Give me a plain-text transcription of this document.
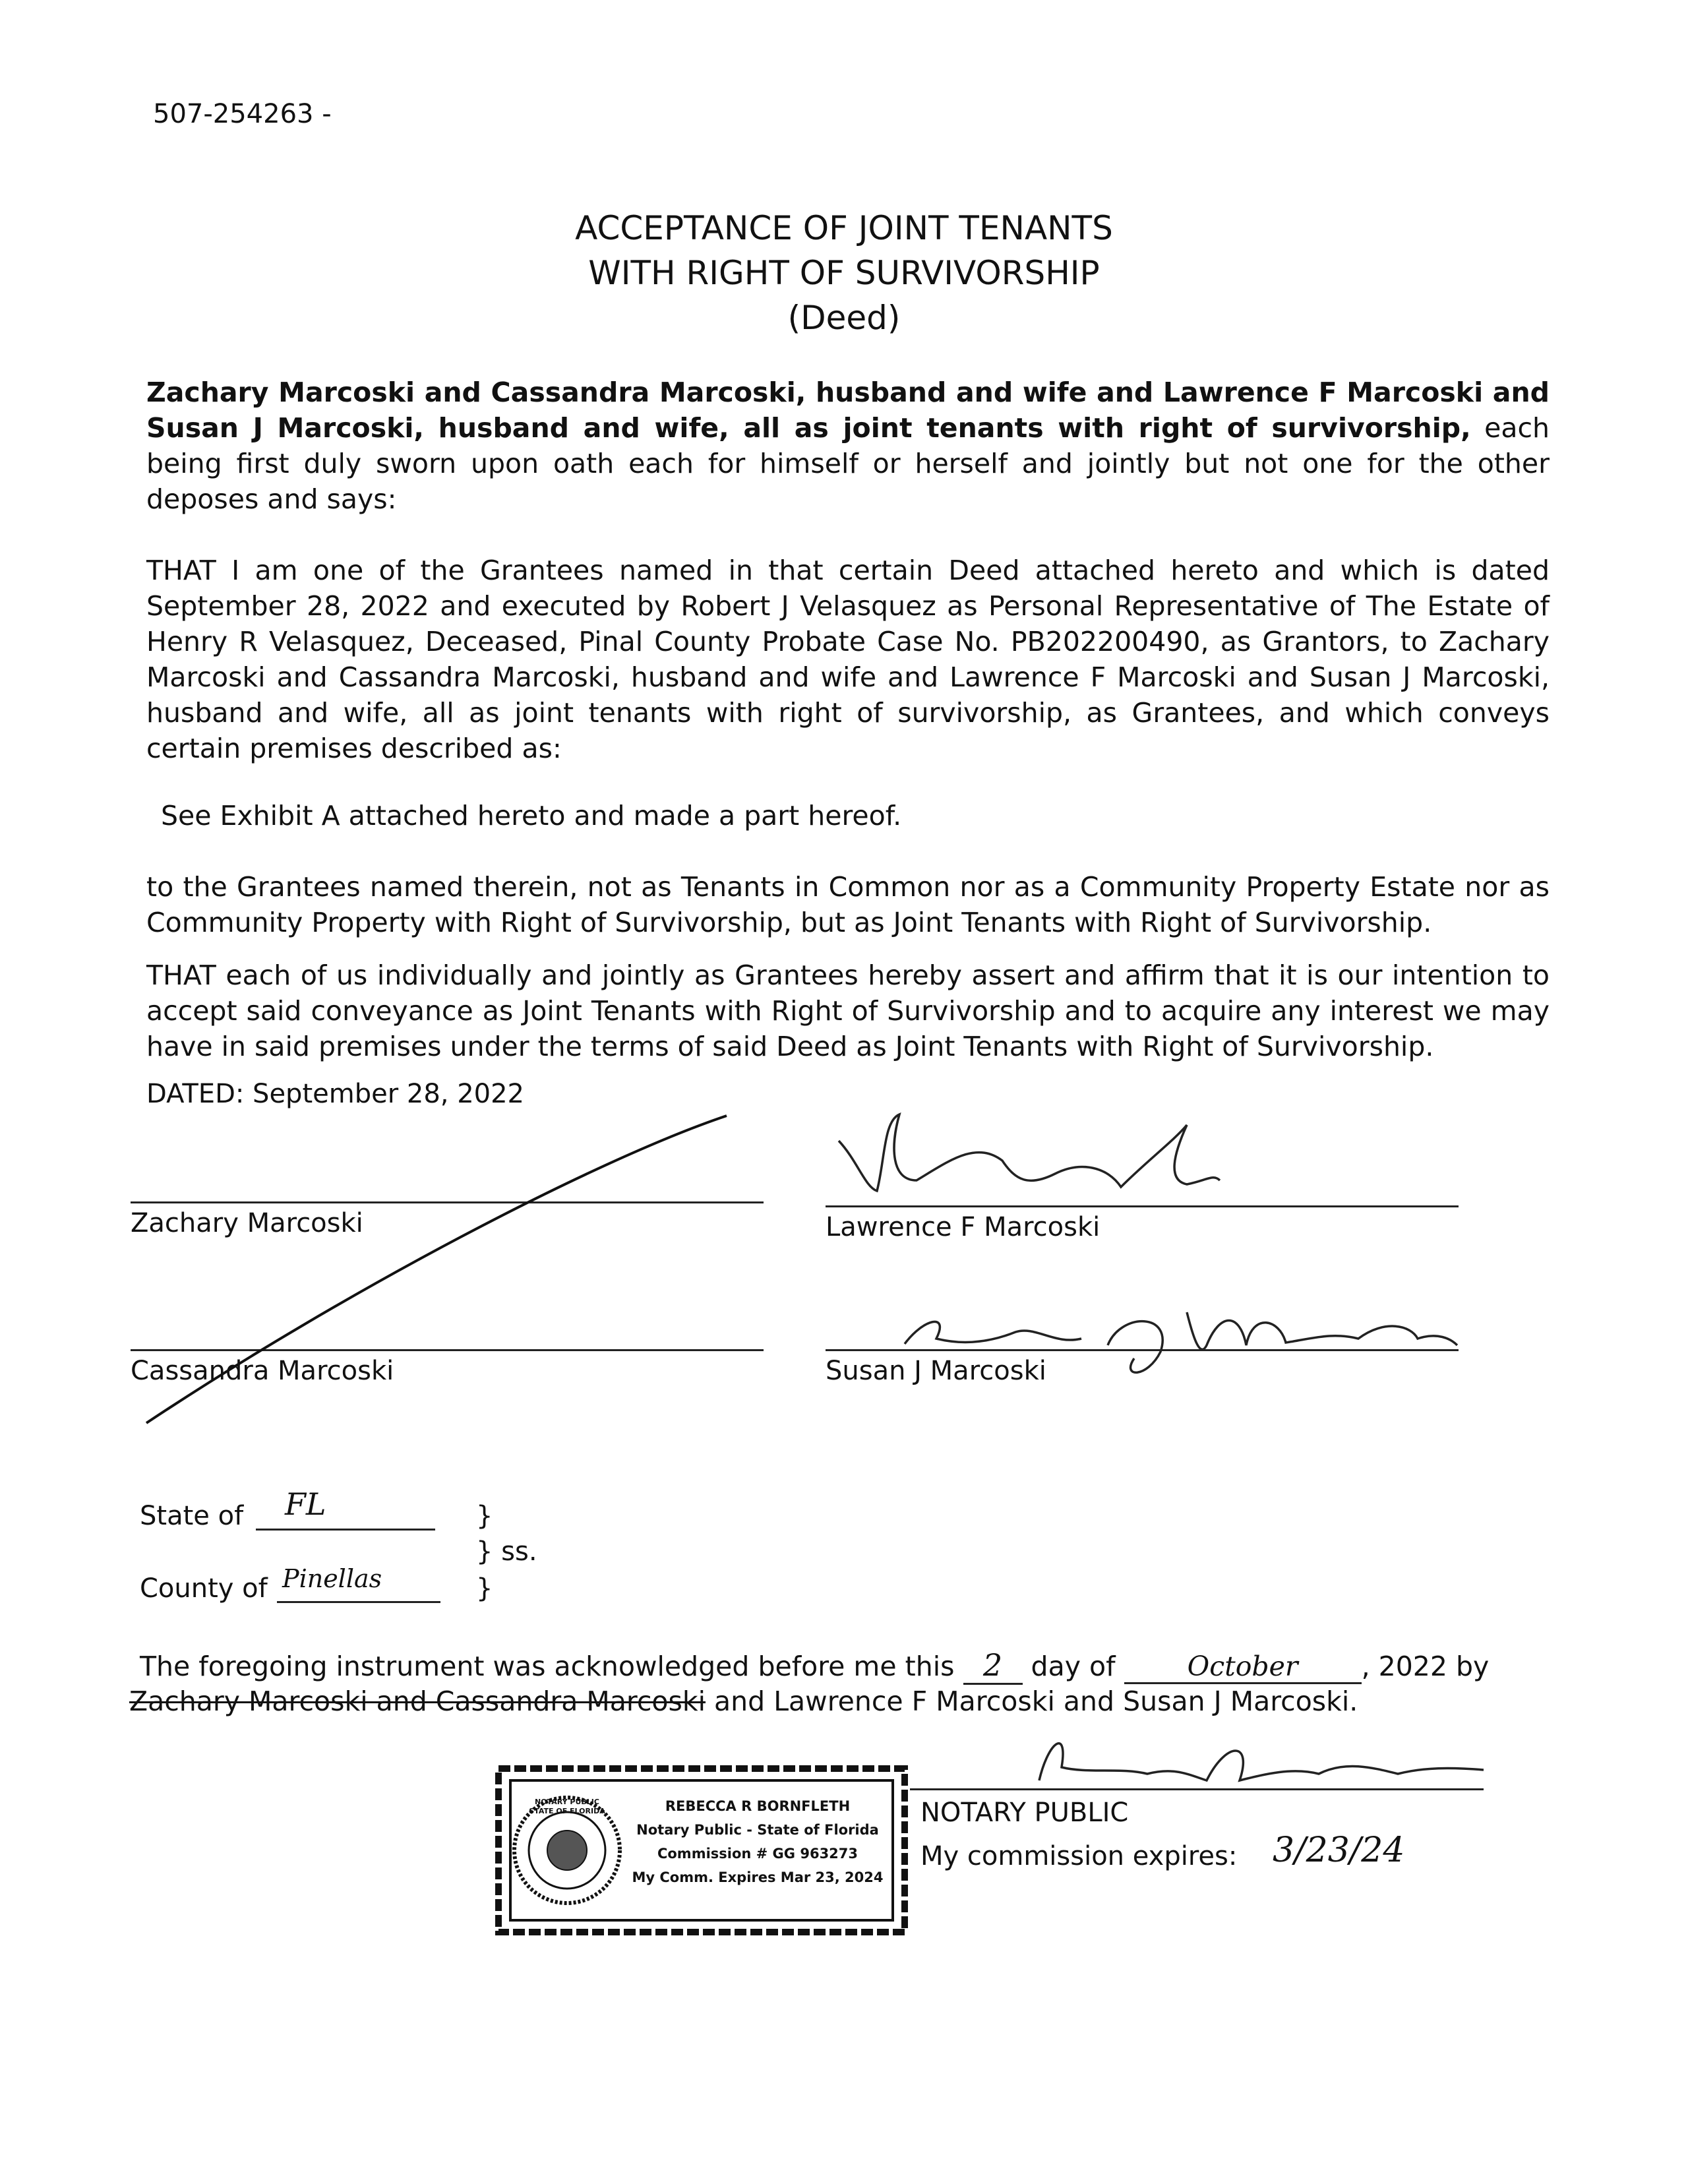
507-254263 -
ACCEPTANCE OF JOINT TENANTS
WITH RIGHT OF SURVIVORSHIP
(Deed)
Zachary Marcoski and Cassandra Marcoski, husband and wife and Lawrence F Marcoski and Susan J Marcoski, husband and wife, all as joint tenants with right of survivorship, each being first duly sworn upon oath each for himself or herself and jointly but not one for the other deposes and says:
THAT I am one of the Grantees named in that certain Deed attached hereto and which is dated September 28, 2022 and executed by Robert J Velasquez as Personal Representative of The Estate of Henry R Velasquez, Deceased, Pinal County Probate Case No. PB202200490, as Grantors, to Zachary Marcoski and Cassandra Marcoski, husband and wife and Lawrence F Marcoski and Susan J Marcoski, husband and wife, all as joint tenants with right of survivorship, as Grantees, and which conveys certain premises described as:
See Exhibit A attached hereto and made a part hereof.
to the Grantees named therein, not as Tenants in Common nor as a Community Property Estate nor as Community Property with Right of Survivorship, but as Joint Tenants with Right of Survivorship.
THAT each of us individually and jointly as Grantees hereby assert and affirm that it is our intention to accept said conveyance as Joint Tenants with Right of Survivorship and to acquire any interest we may have in said premises under the terms of said Deed as Joint Tenants with Right of Survivorship.
DATED: September 28, 2022
Zachary Marcoski
Cassandra Marcoski
Lawrence F Marcoski
Susan J Marcoski
State of FL	}
} ss.
County of Pinellas	}
The foregoing instrument was acknowledged before me this 2 day of	October , 2022 by
Zachary Marcoski and Cassandra Marcoski and Lawrence F Marcoski and Susan J Marcoski.
NOTARY PUBLIC
My commission expires: 3/23/24
NOTARY PUBLIC STATE OF FLORIDA	REBECCA R BORNFLETH
Notary Public - State of Florida
Commission # GG 963273
My Comm. Expires Mar 23, 2024
